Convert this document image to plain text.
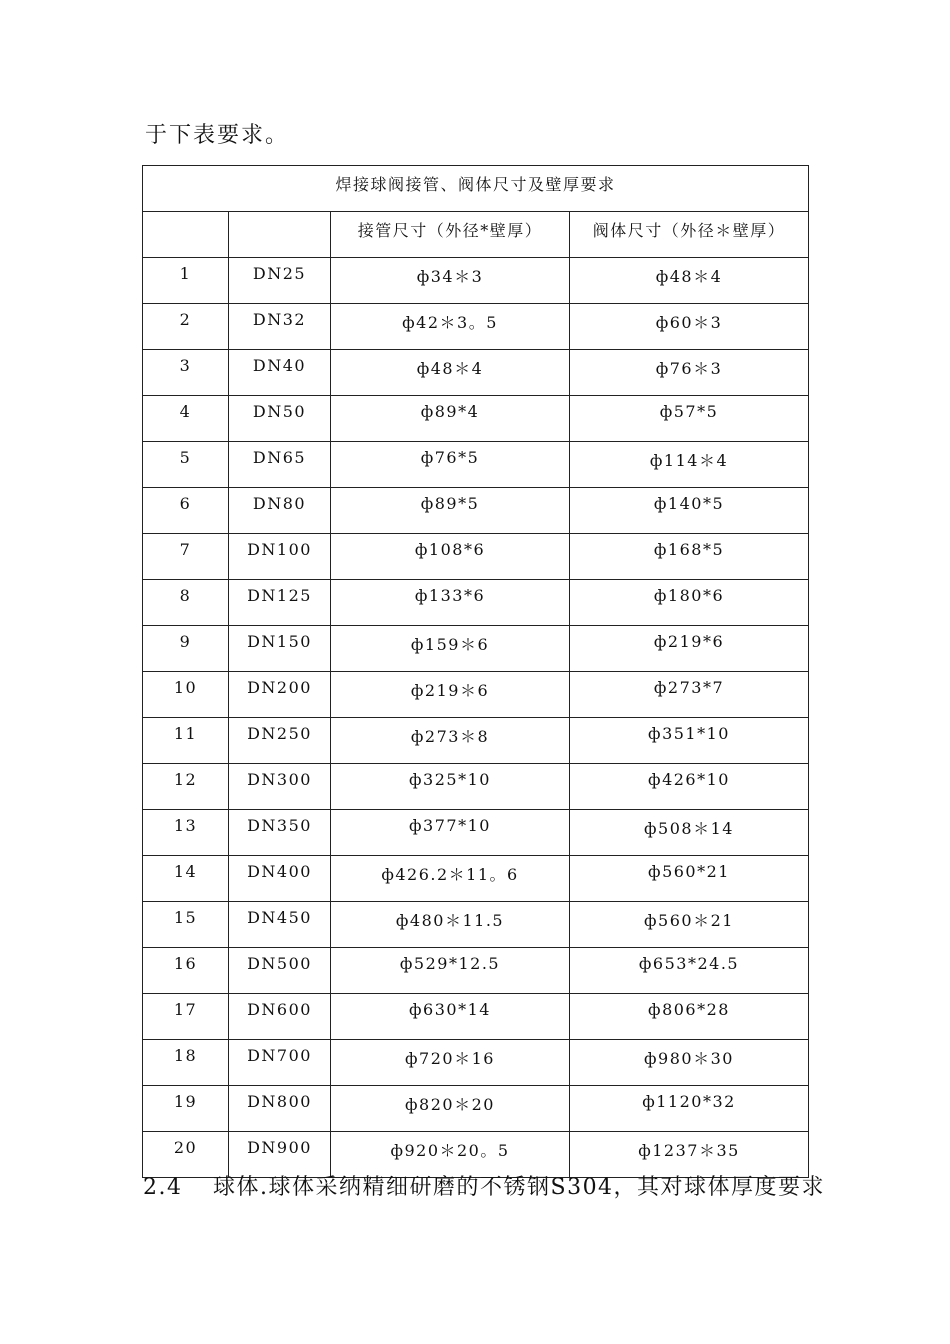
于下表要求。
焊接球阀接管、阀体尺寸及壁厚要求			
		接管尺寸（外径*壁厚）	阀体尺寸（外径＊壁厚）
1	DN25	ф34＊3	ф48＊4
2	DN32	ф42＊3。5	ф60＊3
3	DN40	ф48＊4	ф76＊3
4	DN50	ф89*4	ф57*5
5	DN65	ф76*5	ф114＊4
6	DN80	ф89*5	ф140*5
7	DN100	ф108*6	ф168*5
8	DN125	ф133*6	ф180*6
9	DN150	ф159＊6	ф219*6
10	DN200	ф219＊6	ф273*7
11	DN250	ф273＊8	ф351*10
12	DN300	ф325*10	ф426*10
13	DN350	ф377*10	ф508＊14
14	DN400	ф426.2＊11。6	ф560*21
15	DN450	ф480＊11.5	ф560＊21
16	DN500	ф529*12.5	ф653*24.5
17	DN600	ф630*14	ф806*28
18	DN700	ф720＊16	ф980＊30
19	DN800	ф820＊20	ф1120*32
20	DN900	ф920＊20。5	ф1237＊35
2.4 球体.球体采纳精细研磨的不锈钢S304，其对球体厚度要求
